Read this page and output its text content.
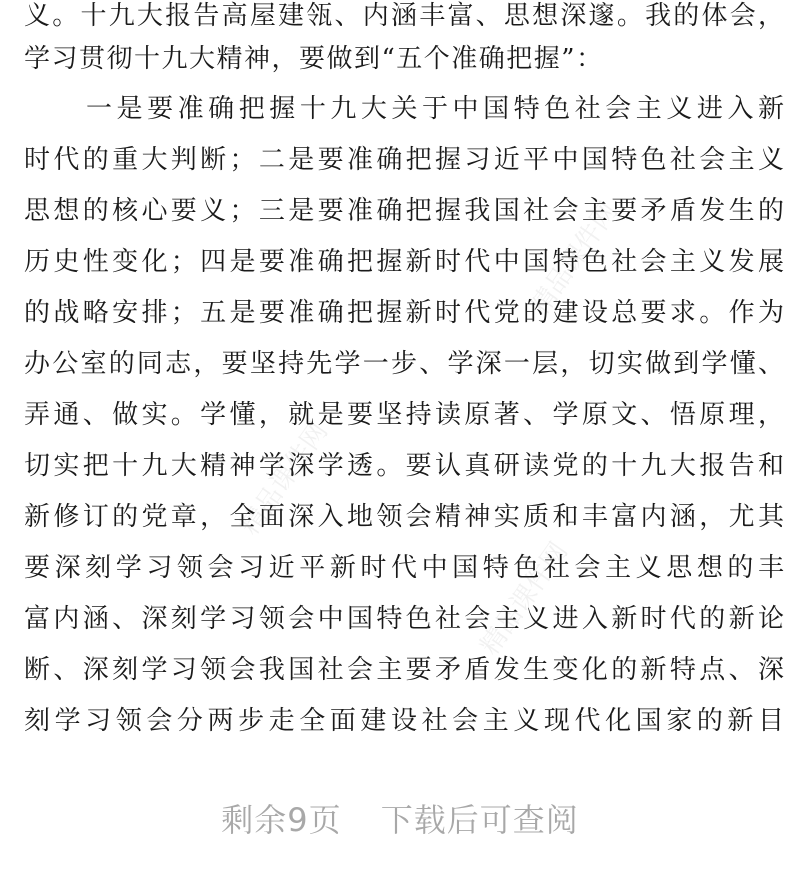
精品课件网
精品课件网
精品课件网
义。十九大报告高屋建瓴、内涵丰富、思想深邃。我的体会，
学习贯彻十九大精神，要做到“五个准确把握”：
一是要准确把握十九大关于中国特色社会主义进入新
时代的重大判断；二是要准确把握习近平中国特色社会主义
思想的核心要义；三是要准确把握我国社会主要矛盾发生的
历史性变化；四是要准确把握新时代中国特色社会主义发展
的战略安排；五是要准确把握新时代党的建设总要求。作为
办公室的同志，要坚持先学一步、学深一层，切实做到学懂、
弄通、做实。学懂，就是要坚持读原著、学原文、悟原理，
切实把十九大精神学深学透。要认真研读党的十九大报告和
新修订的党章，全面深入地领会精神实质和丰富内涵，尤其
要深刻学习领会习近平新时代中国特色社会主义思想的丰
富内涵、深刻学习领会中国特色社会主义进入新时代的新论
断、深刻学习领会我国社会主要矛盾发生变化的新特点、深
刻学习领会分两步走全面建设社会主义现代化国家的新目
剩余9页 下载后可查阅
